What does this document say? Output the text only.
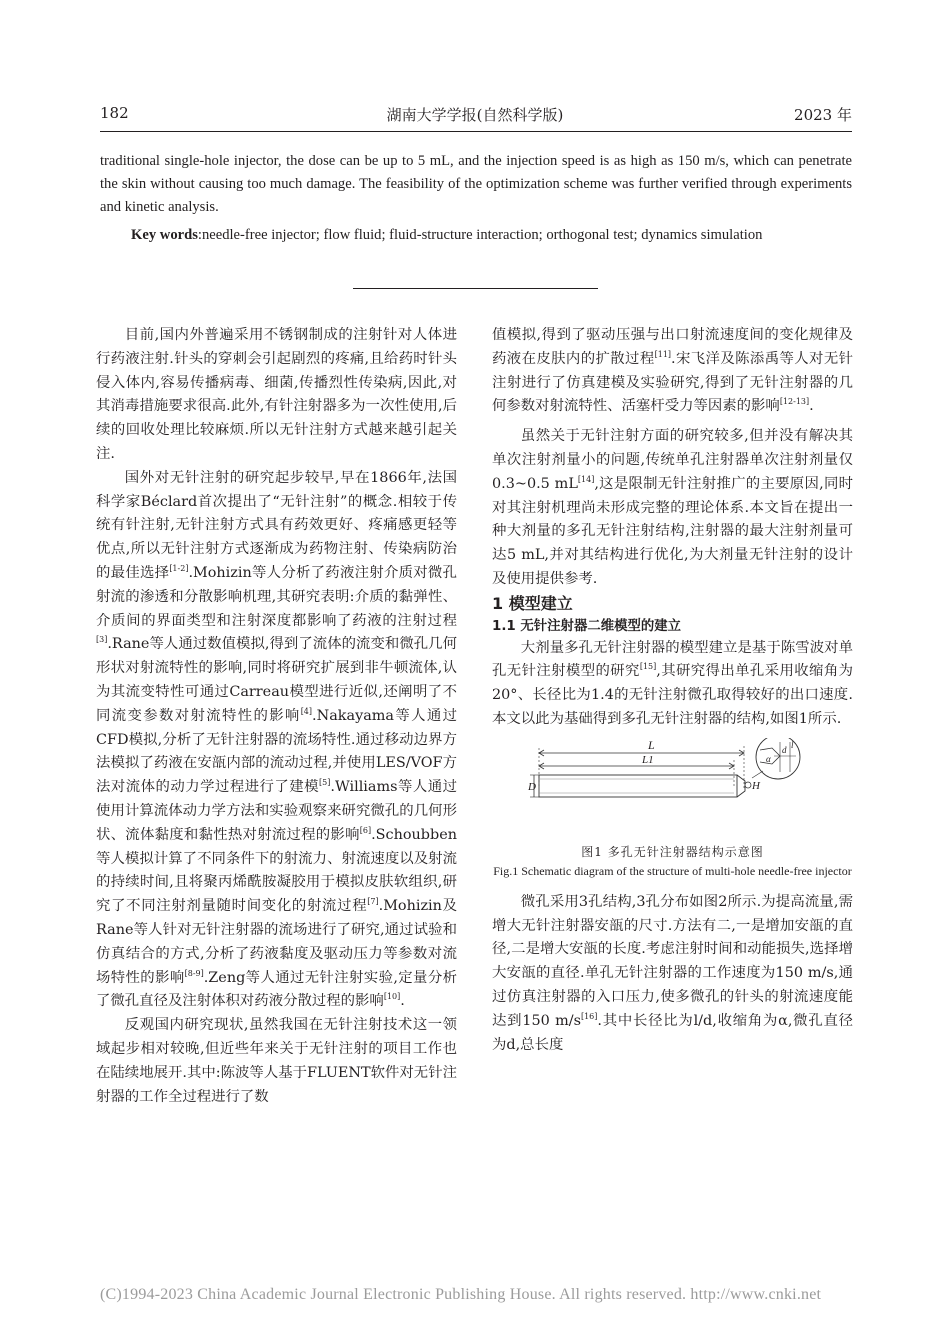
182	湖南大学学报(自然科学版)	2023 年

traditional single-hole injector, the dose can be up to 5 mL, and the injection speed is as high as 150 m/s, which can penetrate the skin without causing too much damage. The feasibility of the optimization scheme was further verified through experiments and kinetic analysis.

Key words:needle-free injector; flow fluid; fluid-structure interaction; orthogonal test; dynamics simulation

目前,国内外普遍采用不锈钢制成的注射针对人体进行药液注射.针头的穿刺会引起剧烈的疼痛,且给药时针头侵入体内,容易传播病毒、细菌,传播烈性传染病,因此,对其消毒措施要求很高.此外,有针注射器多为一次性使用,后续的回收处理比较麻烦.所以无针注射方式越来越引起关注.

国外对无针注射的研究起步较早,早在1866年,法国科学家Béclard首次提出了“无针注射”的概念.相较于传统有针注射,无针注射方式具有药效更好、疼痛感更轻等优点,所以无针注射方式逐渐成为药物注射、传染病防治的最佳选择[1-2].Mohizin等人分析了药液注射介质对微孔射流的渗透和分散影响机理,其研究表明:介质的黏弹性、介质间的界面类型和注射深度都影响了药液的注射过程[3].Rane等人通过数值模拟,得到了流体的流变和微孔几何形状对射流特性的影响,同时将研究扩展到非牛顿流体,认为其流变特性可通过Carreau模型进行近似,还阐明了不同流变参数对射流特性的影响[4].Nakayama等人通过CFD模拟,分析了无针注射器的流场特性.通过移动边界方法模拟了药液在安瓿内部的流动过程,并使用LES/VOF方法对流体的动力学过程进行了建模[5].Williams等人通过使用计算流体动力学方法和实验观察来研究微孔的几何形状、流体黏度和黏性热对射流过程的影响[6].Schoubben等人模拟计算了不同条件下的射流力、射流速度以及射流的持续时间,且将聚丙烯酰胺凝胶用于模拟皮肤软组织,研究了不同注射剂量随时间变化的射流过程[7].Mohizin及Rane等人针对无针注射器的流场进行了研究,通过试验和仿真结合的方式,分析了药液黏度及驱动压力等参数对流场特性的影响[8-9].Zeng等人通过无针注射实验,定量分析了微孔直径及注射体积对药液分散过程的影响[10].

反观国内研究现状,虽然我国在无针注射技术这一领域起步相对较晚,但近些年来关于无针注射的项目工作也在陆续地展开.其中:陈波等人基于FLUENT软件对无针注射器的工作全过程进行了数

值模拟,得到了驱动压强与出口射流速度间的变化规律及药液在皮肤内的扩散过程[11].宋飞洋及陈添禹等人对无针注射进行了仿真建模及实验研究,得到了无针注射器的几何参数对射流特性、活塞杆受力等因素的影响[12-13].

虽然关于无针注射方面的研究较多,但并没有解决其单次注射剂量小的问题,传统单孔注射器单次注射剂量仅0.3~0.5 mL[14],这是限制无针注射推广的主要原因,同时对其注射机理尚未形成完整的理论体系.本文旨在提出一种大剂量的多孔无针注射结构,注射器的最大注射剂量可达5 mL,并对其结构进行优化,为大剂量无针注射的设计及使用提供参考.

1 模型建立

1.1 无针注射器二维模型的建立

大剂量多孔无针注射器的模型建立是基于陈雪波对单孔无针注射模型的研究[15],其研究得出单孔采用收缩角为20°、长径比为1.4的无针注射微孔取得较好的出口速度.本文以此为基础得到多孔无针注射器的结构,如图1所示.

L
L1
D	H
l
d
α
图1 多孔无针注射器结构示意图
Fig.1 Schematic diagram of the structure of multi-hole needle-free injector

微孔采用3孔结构,3孔分布如图2所示.为提高流量,需增大无针注射器安瓿的尺寸.方法有二,一是增加安瓿的直径,二是增大安瓿的长度.考虑注射时间和动能损失,选择增大安瓿的直径.单孔无针注射器的工作速度为150 m/s,通过仿真注射器的入口压力,使多微孔的针头的射流速度能达到150 m/s[16].其中长径比为l/d,收缩角为α,微孔直径为d,总长度

(C)1994-2023 China Academic Journal Electronic Publishing House. All rights reserved. http://www.cnki.net
